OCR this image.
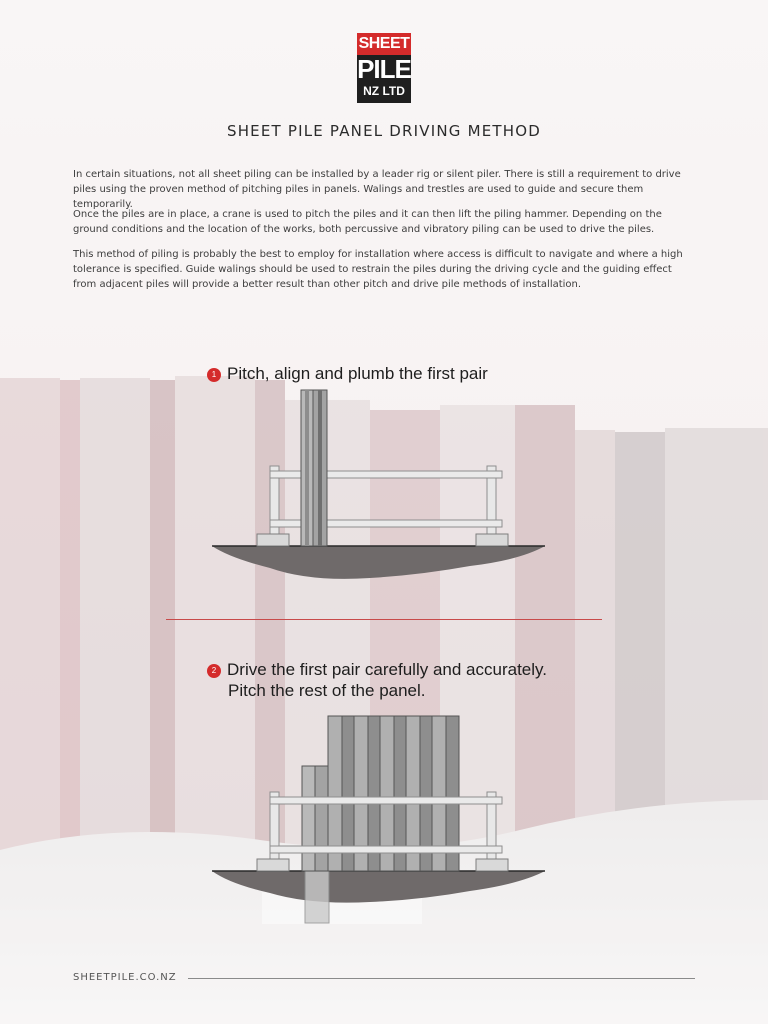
SHEET
PILE
NZ LTD
SHEET PILE PANEL DRIVING METHOD

In certain situations, not all sheet piling can be installed by a leader rig or silent piler. There is still a requirement to drive piles using the proven method of pitching piles in panels. Walings and trestles are used to guide and secure them temporarily.

Once the piles are in place, a crane is used to pitch the piles and it can then lift the piling hammer. Depending on the ground conditions and the location of the works, both percussive and vibratory piling can be used to drive the piles.

This method of piling is probably the best to employ for installation where access is difficult to navigate and where a high tolerance is specified. Guide walings should be used to restrain the piles during the driving cycle and the guiding effect from adjacent piles will provide a better result than other pitch and drive pile methods of installation.

1 Pitch, align and plumb the first pair
2 Drive the first pair carefully and accurately.
Pitch the rest of the panel.
SHEETPILE.CO.NZ
